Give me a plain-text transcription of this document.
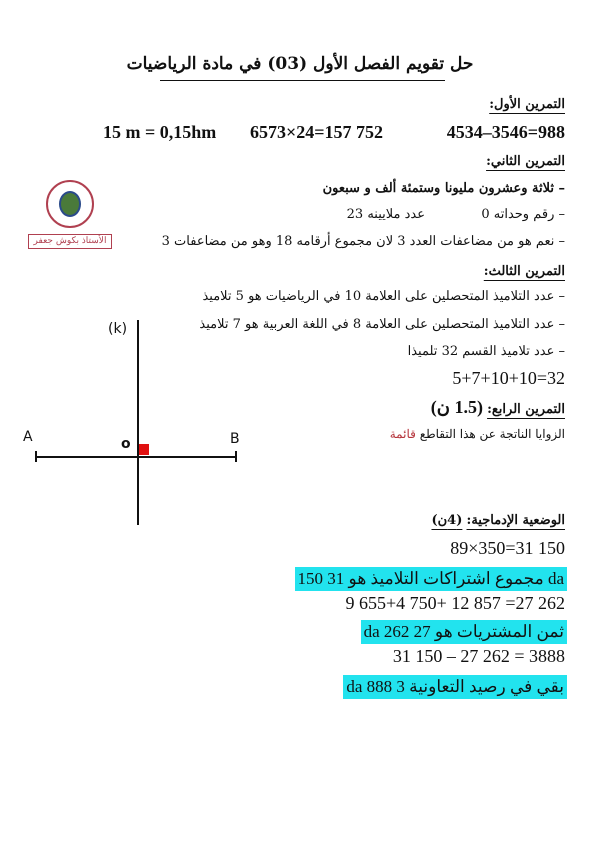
حل تقويم الفصل الأول (03) في مادة الرياضيات
التمرين الأول:
4534–3546=988
6573×24=157 752
15 m = 0,15hm
التمرين الثاني:
– ثلاثة وعشرون مليونا وستمئة ألف و سبعون
– رقم وحداته 0
عدد ملايينه 23
– نعم هو من مضاعفات العدد 3 لان مجموع أرقامه 18 وهو من مضاعفات 3
الأستاذ بكوش جعفر
التمرين الثالث:
– عدد التلاميذ المتحصلين على العلامة 10 في الرياضيات هو 5 تلاميذ
– عدد التلاميذ المتحصلين على العلامة 8 في اللغة العربية هو 7 تلاميذ
– عدد تلاميذ القسم 32 تلميذا
5+7+10+10=32
التمرين الرابع: (1.5 ن)
الزوايا الناتجة عن هذا التقاطع قائمة
(k)
A	B
o
الوضعية الإدماجية: (4ن)
89×350=31 150
مجموع اشتراكات التلاميذ هو 31 150 da
9 655+4 750+ 12 857 =27 262
ثمن المشتريات هو 27 262 da
31 150 – 27 262 = 3888
بقي في رصيد التعاونية 3 888 da
